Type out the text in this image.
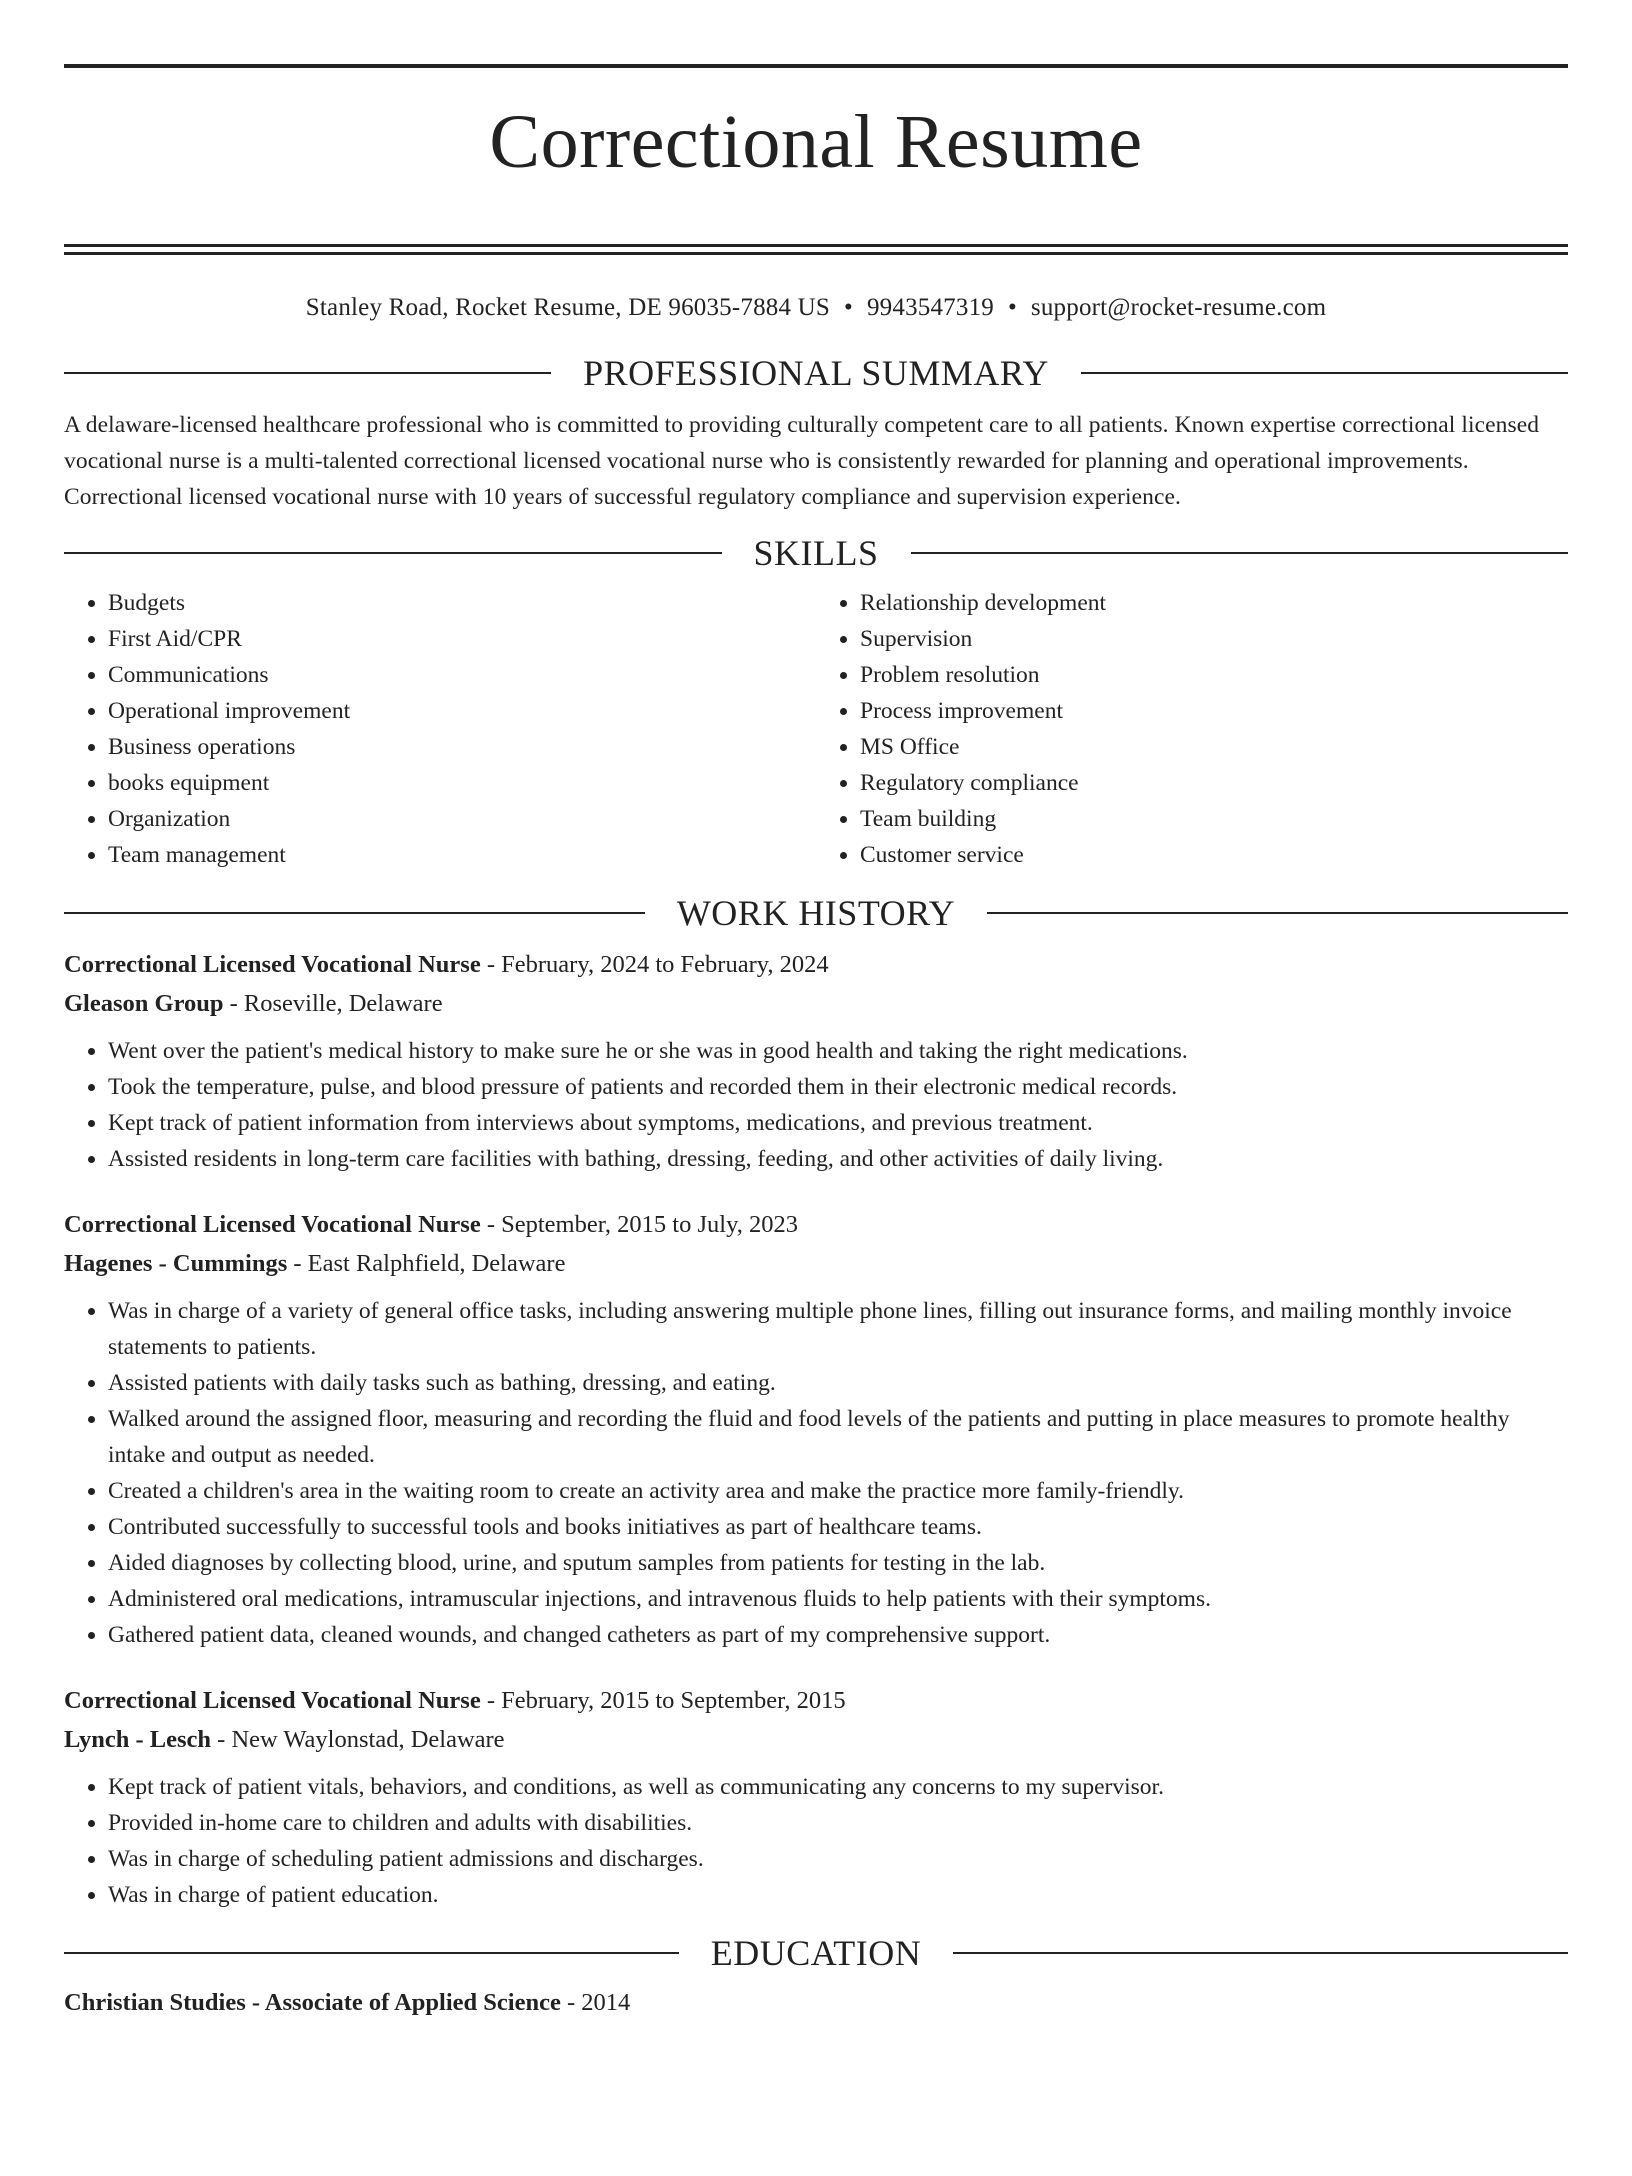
Correctional Resume
Stanley Road, Rocket Resume, DE 96035-7884 US • 9943547319 • support@rocket-resume.com
PROFESSIONAL SUMMARY
A delaware-licensed healthcare professional who is committed to providing culturally competent care to all patients. Known expertise correctional licensed vocational nurse is a multi-talented correctional licensed vocational nurse who is consistently rewarded for planning and operational improvements. Correctional licensed vocational nurse with 10 years of successful regulatory compliance and supervision experience.
SKILLS
• Budgets
• First Aid/CPR
• Communications
• Operational improvement
• Business operations
• books equipment
• Organization
• Team management
• Relationship development
• Supervision
• Problem resolution
• Process improvement
• MS Office
• Regulatory compliance
• Team building
• Customer service
WORK HISTORY
Correctional Licensed Vocational Nurse - February, 2024 to February, 2024
Gleason Group - Roseville, Delaware
• Went over the patient's medical history to make sure he or she was in good health and taking the right medications.
• Took the temperature, pulse, and blood pressure of patients and recorded them in their electronic medical records.
• Kept track of patient information from interviews about symptoms, medications, and previous treatment.
• Assisted residents in long-term care facilities with bathing, dressing, feeding, and other activities of daily living.
Correctional Licensed Vocational Nurse - September, 2015 to July, 2023
Hagenes - Cummings - East Ralphfield, Delaware
• Was in charge of a variety of general office tasks, including answering multiple phone lines, filling out insurance forms, and mailing monthly invoice statements to patients.
• Assisted patients with daily tasks such as bathing, dressing, and eating.
• Walked around the assigned floor, measuring and recording the fluid and food levels of the patients and putting in place measures to promote healthy intake and output as needed.
• Created a children's area in the waiting room to create an activity area and make the practice more family-friendly.
• Contributed successfully to successful tools and books initiatives as part of healthcare teams.
• Aided diagnoses by collecting blood, urine, and sputum samples from patients for testing in the lab.
• Administered oral medications, intramuscular injections, and intravenous fluids to help patients with their symptoms.
• Gathered patient data, cleaned wounds, and changed catheters as part of my comprehensive support.
Correctional Licensed Vocational Nurse - February, 2015 to September, 2015
Lynch - Lesch - New Waylonstad, Delaware
• Kept track of patient vitals, behaviors, and conditions, as well as communicating any concerns to my supervisor.
• Provided in-home care to children and adults with disabilities.
• Was in charge of scheduling patient admissions and discharges.
• Was in charge of patient education.
EDUCATION
Christian Studies - Associate of Applied Science - 2014
